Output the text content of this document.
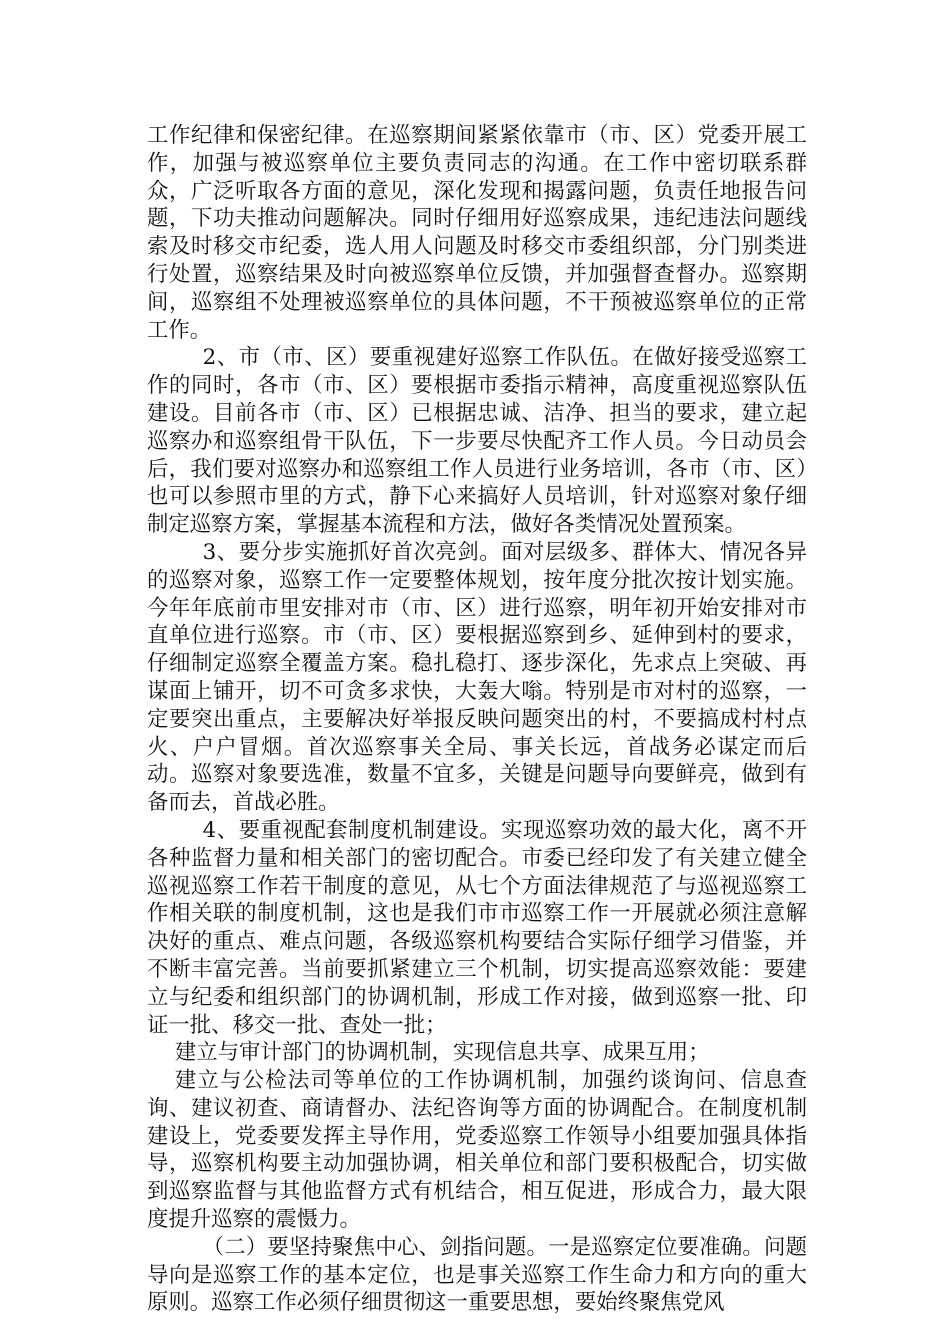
工作纪律和保密纪律。在巡察期间紧紧依靠市（市、区）党委开展工作，加强与被巡察单位主要负责同志的沟通。在工作中密切联系群众，广泛听取各方面的意见，深化发现和揭露问题，负责任地报告问题，下功夫推动问题解决。同时仔细用好巡察成果，违纪违法问题线索及时移交市纪委，选人用人问题及时移交市委组织部，分门别类进行处置，巡察结果及时向被巡察单位反馈，并加强督查督办。巡察期间，巡察组不处理被巡察单位的具体问题，不干预被巡察单位的正常工作。

2、市（市、区）要重视建好巡察工作队伍。在做好接受巡察工作的同时，各市（市、区）要根据市委指示精神，高度重视巡察队伍建设。目前各市（市、区）已根据忠诚、洁净、担当的要求，建立起巡察办和巡察组骨干队伍，下一步要尽快配齐工作人员。今日动员会后，我们要对巡察办和巡察组工作人员进行业务培训，各市（市、区）也可以参照市里的方式，静下心来搞好人员培训，针对巡察对象仔细制定巡察方案，掌握基本流程和方法，做好各类情况处置预案。

3、要分步实施抓好首次亮剑。面对层级多、群体大、情况各异的巡察对象，巡察工作一定要整体规划，按年度分批次按计划实施。今年年底前市里安排对市（市、区）进行巡察，明年初开始安排对市直单位进行巡察。市（市、区）要根据巡察到乡、延伸到村的要求，仔细制定巡察全覆盖方案。稳扎稳打、逐步深化，先求点上突破、再谋面上铺开，切不可贪多求快，大轰大嗡。特别是市对村的巡察，一定要突出重点，主要解决好举报反映问题突出的村，不要搞成村村点火、户户冒烟。首次巡察事关全局、事关长远，首战务必谋定而后动。巡察对象要选准，数量不宜多，关键是问题导向要鲜亮，做到有备而去，首战必胜。

4、要重视配套制度机制建设。实现巡察功效的最大化，离不开各种监督力量和相关部门的密切配合。市委已经印发了有关建立健全巡视巡察工作若干制度的意见，从七个方面法律规范了与巡视巡察工作相关联的制度机制，这也是我们市市巡察工作一开展就必须注意解决好的重点、难点问题，各级巡察机构要结合实际仔细学习借鉴，并不断丰富完善。当前要抓紧建立三个机制，切实提高巡察效能：要建立与纪委和组织部门的协调机制，形成工作对接，做到巡察一批、印证一批、移交一批、查处一批；

建立与审计部门的协调机制，实现信息共享、成果互用；

建立与公检法司等单位的工作协调机制，加强约谈询问、信息查询、建议初查、商请督办、法纪咨询等方面的协调配合。在制度机制建设上，党委要发挥主导作用，党委巡察工作领导小组要加强具体指导，巡察机构要主动加强协调，相关单位和部门要积极配合，切实做到巡察监督与其他监督方式有机结合，相互促进，形成合力，最大限度提升巡察的震慑力。

（二）要坚持聚焦中心、剑指问题。一是巡察定位要准确。问题导向是巡察工作的基本定位，也是事关巡察工作生命力和方向的重大原则。巡察工作必须仔细贯彻这一重要思想，要始终聚焦党风
